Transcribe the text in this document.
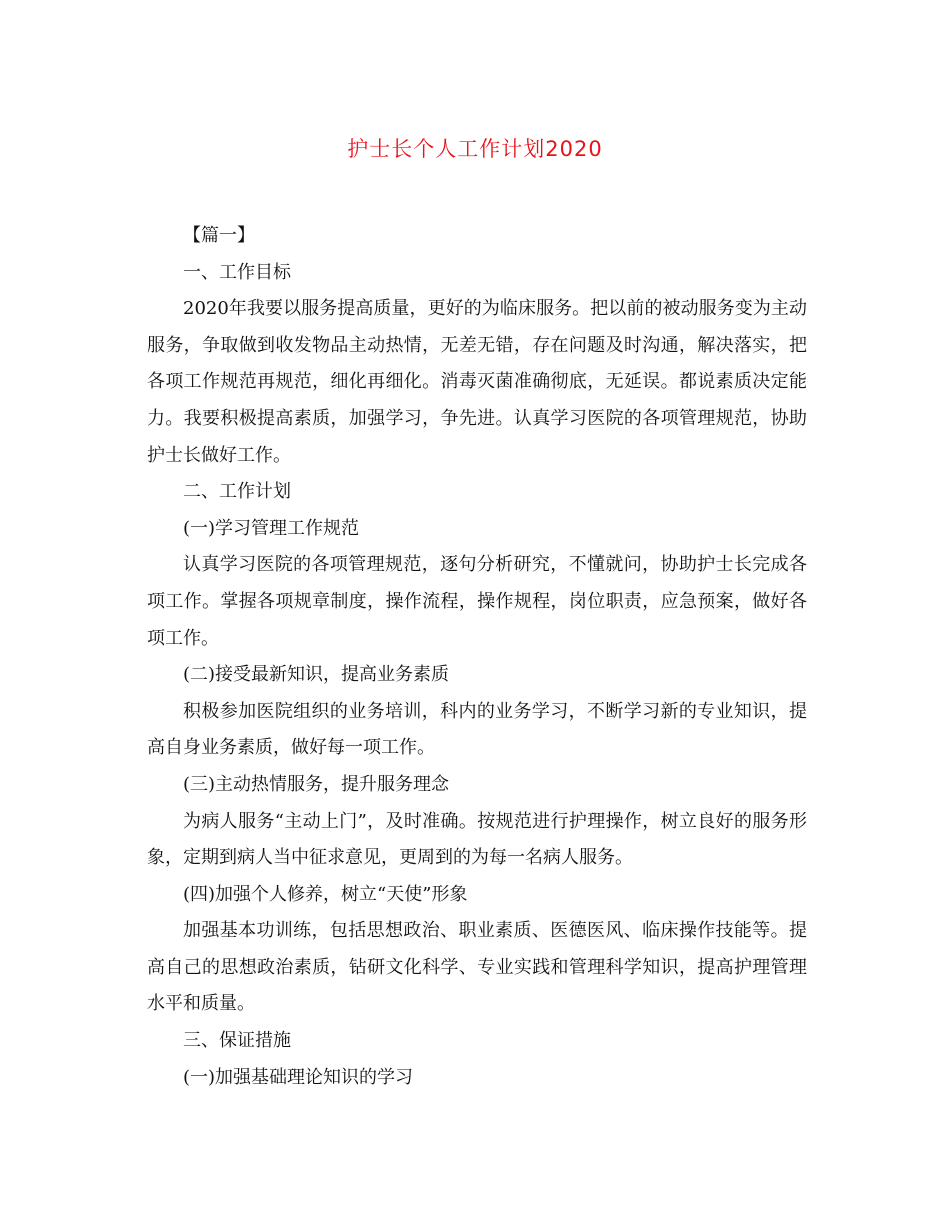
护士长个人工作计划2020

【篇一】

一、工作目标

2020年我要以服务提高质量，更好的为临床服务。把以前的被动服务变为主动服务，争取做到收发物品主动热情，无差无错，存在问题及时沟通，解决落实，把各项工作规范再规范，细化再细化。消毒灭菌准确彻底，无延误。都说素质决定能力。我要积极提高素质，加强学习，争先进。认真学习医院的各项管理规范，协助护士长做好工作。

二、工作计划

(一)学习管理工作规范

认真学习医院的各项管理规范，逐句分析研究，不懂就问，协助护士长完成各项工作。掌握各项规章制度，操作流程，操作规程，岗位职责，应急预案，做好各项工作。

(二)接受最新知识，提高业务素质

积极参加医院组织的业务培训，科内的业务学习，不断学习新的专业知识，提高自身业务素质，做好每一项工作。

(三)主动热情服务，提升服务理念

为病人服务“主动上门”，及时准确。按规范进行护理操作，树立良好的服务形象，定期到病人当中征求意见，更周到的为每一名病人服务。

(四)加强个人修养，树立“天使”形象

加强基本功训练，包括思想政治、职业素质、医德医风、临床操作技能等。提高自己的思想政治素质，钻研文化科学、专业实践和管理科学知识，提高护理管理水平和质量。

三、保证措施

(一)加强基础理论知识的学习
